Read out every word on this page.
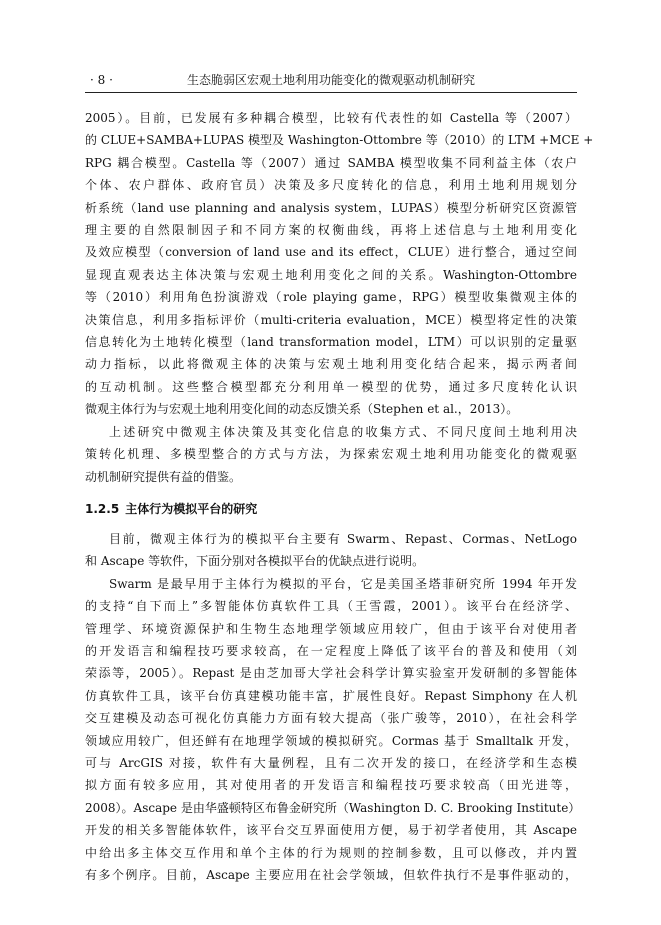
· 8 ·	生态脆弱区宏观土地利用功能变化的微观驱动机制研究

2005）。目前，已发展有多种耦合模型，比较有代表性的如 Castella 等（2007）
的 CLUE+SAMBA+LUPAS 模型及 Washington-Ottombre 等（2010）的 LTM +MCE +
RPG 耦合模型。Castella 等（2007）通过 SAMBA 模型收集不同利益主体（农户
个体、农户群体、政府官员）决策及多尺度转化的信息，利用土地利用规划分
析系统（land use planning and analysis system，LUPAS）模型分析研究区资源管
理主要的自然限制因子和不同方案的权衡曲线，再将上述信息与土地利用变化
及效应模型（conversion of land use and its effect，CLUE）进行整合，通过空间
显现直观表达主体决策与宏观土地利用变化之间的关系。Washington-Ottombre
等（2010）利用角色扮演游戏（role playing game，RPG）模型收集微观主体的
决策信息，利用多指标评价（multi-criteria evaluation，MCE）模型将定性的决策
信息转化为土地转化模型（land transformation model，LTM）可以识别的定量驱
动力指标，以此将微观主体的决策与宏观土地利用变化结合起来，揭示两者间
的互动机制。这些整合模型都充分利用单一模型的优势，通过多尺度转化认识
微观主体行为与宏观土地利用变化间的动态反馈关系（Stephen et al.，2013）。

上述研究中微观主体决策及其变化信息的收集方式、不同尺度间土地利用决
策转化机理、多模型整合的方式与方法，为探索宏观土地利用功能变化的微观驱
动机制研究提供有益的借鉴。

1.2.5 主体行为模拟平台的研究

目前，微观主体行为的模拟平台主要有 Swarm、Repast、Cormas、NetLogo
和 Ascape 等软件，下面分别对各模拟平台的优缺点进行说明。

Swarm 是最早用于主体行为模拟的平台，它是美国圣塔菲研究所 1994 年开发
的支持“自下而上”多智能体仿真软件工具（王雪霞，2001）。该平台在经济学、
管理学、环境资源保护和生物生态地理学领域应用较广，但由于该平台对使用者
的开发语言和编程技巧要求较高，在一定程度上降低了该平台的普及和使用（刘
荣添等，2005）。Repast 是由芝加哥大学社会科学计算实验室开发研制的多智能体
仿真软件工具，该平台仿真建模功能丰富，扩展性良好。Repast Simphony 在人机
交互建模及动态可视化仿真能力方面有较大提高（张广骏等，2010），在社会科学
领域应用较广，但还鲜有在地理学领域的模拟研究。Cormas 基于 Smalltalk 开发，
可与 ArcGIS 对接，软件有大量例程，且有二次开发的接口，在经济学和生态模
拟方面有较多应用，其对使用者的开发语言和编程技巧要求较高（田光进等，
2008）。Ascape 是由华盛顿特区布鲁金研究所（Washington D. C. Brooking Institute）
开发的相关多智能体软件，该平台交互界面使用方便，易于初学者使用，其 Ascape
中给出多主体交互作用和单个主体的行为规则的控制参数，且可以修改，并内置
有多个例序。目前，Ascape 主要应用在社会学领域，但软件执行不是事件驱动的，
